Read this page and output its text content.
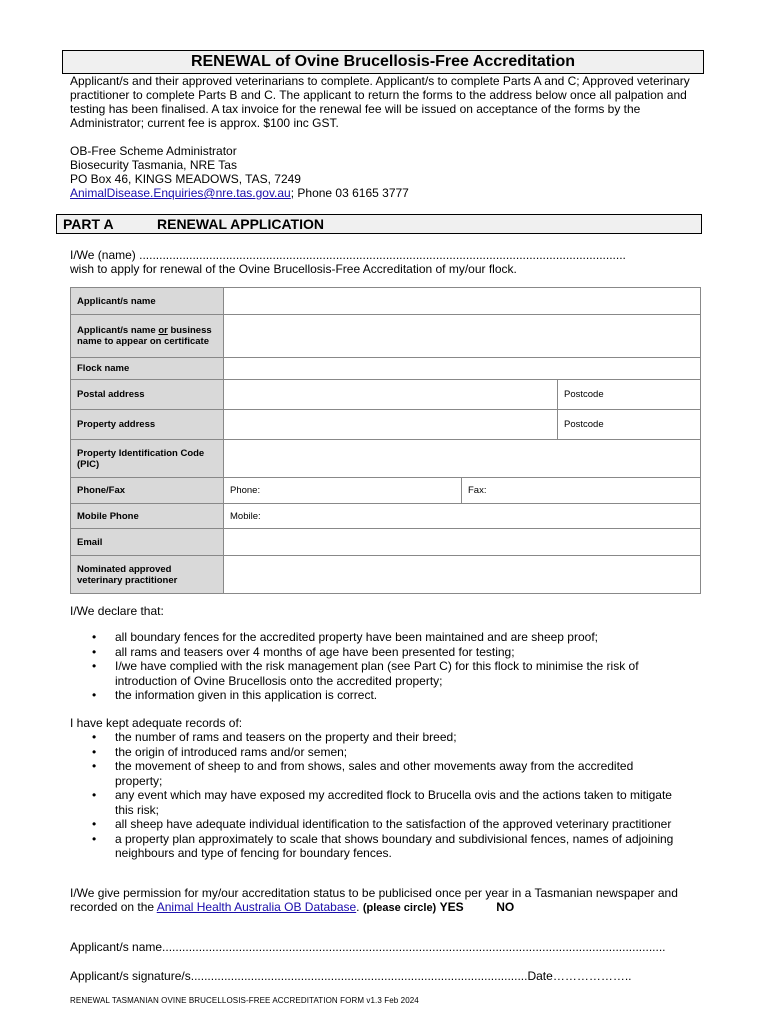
RENEWAL of Ovine Brucellosis-Free Accreditation
Applicant/s and their approved veterinarians to complete. Applicant/s to complete Parts A and C; Approved veterinary practitioner to complete Parts B and C. The applicant to return the forms to the address below once all palpation and testing has been finalised. A tax invoice for the renewal fee will be issued on acceptance of the forms by the Administrator; current fee is approx. $100 inc GST.
OB-Free Scheme Administrator
Biosecurity Tasmania, NRE Tas
PO Box 46, KINGS MEADOWS, TAS, 7249
AnimalDisease.Enquiries@nre.tas.gov.au; Phone 03 6165 3777
PART A	RENEWAL APPLICATION
I/We (name) ..................................................................................................................................................
wish to apply for renewal of the Ovine Brucellosis-Free Accreditation of my/our flock.
Applicant/s name			
Applicant/s name or business name to appear on certificate			
Flock name			
Postal address			Postcode
Property address			Postcode
Property Identification Code (PIC)			
Phone/Fax	Phone:	Fax:	
Mobile Phone	Mobile:		
Email			
Nominated approved veterinary practitioner			
I/We declare that:
• all boundary fences for the accredited property have been maintained and are sheep proof;
• all rams and teasers over 4 months of age have been presented for testing;
• I/we have complied with the risk management plan (see Part C) for this flock to minimise the risk of introduction of Ovine Brucellosis onto the accredited property;
• the information given in this application is correct.
I have kept adequate records of:
• the number of rams and teasers on the property and their breed;
• the origin of introduced rams and/or semen;
• the movement of sheep to and from shows, sales and other movements away from the accredited property;
• any event which may have exposed my accredited flock to Brucella ovis and the actions taken to mitigate this risk;
• all sheep have adequate individual identification to the satisfaction of the approved veterinary practitioner
• a property plan approximately to scale that shows boundary and subdivisional fences, names of adjoining neighbours and type of fencing for boundary fences.
I/We give permission for my/our accreditation status to be publicised once per year in a Tasmanian newspaper and recorded on the Animal Health Australia OB Database. (please circle) YES	NO
Applicant/s name.......................................................................................................................................................
Applicant/s signature/s.....................................................................................................Date………………..
RENEWAL TASMANIAN OVINE BRUCELLOSIS-FREE ACCREDITATION FORM v1.3 Feb 2024
